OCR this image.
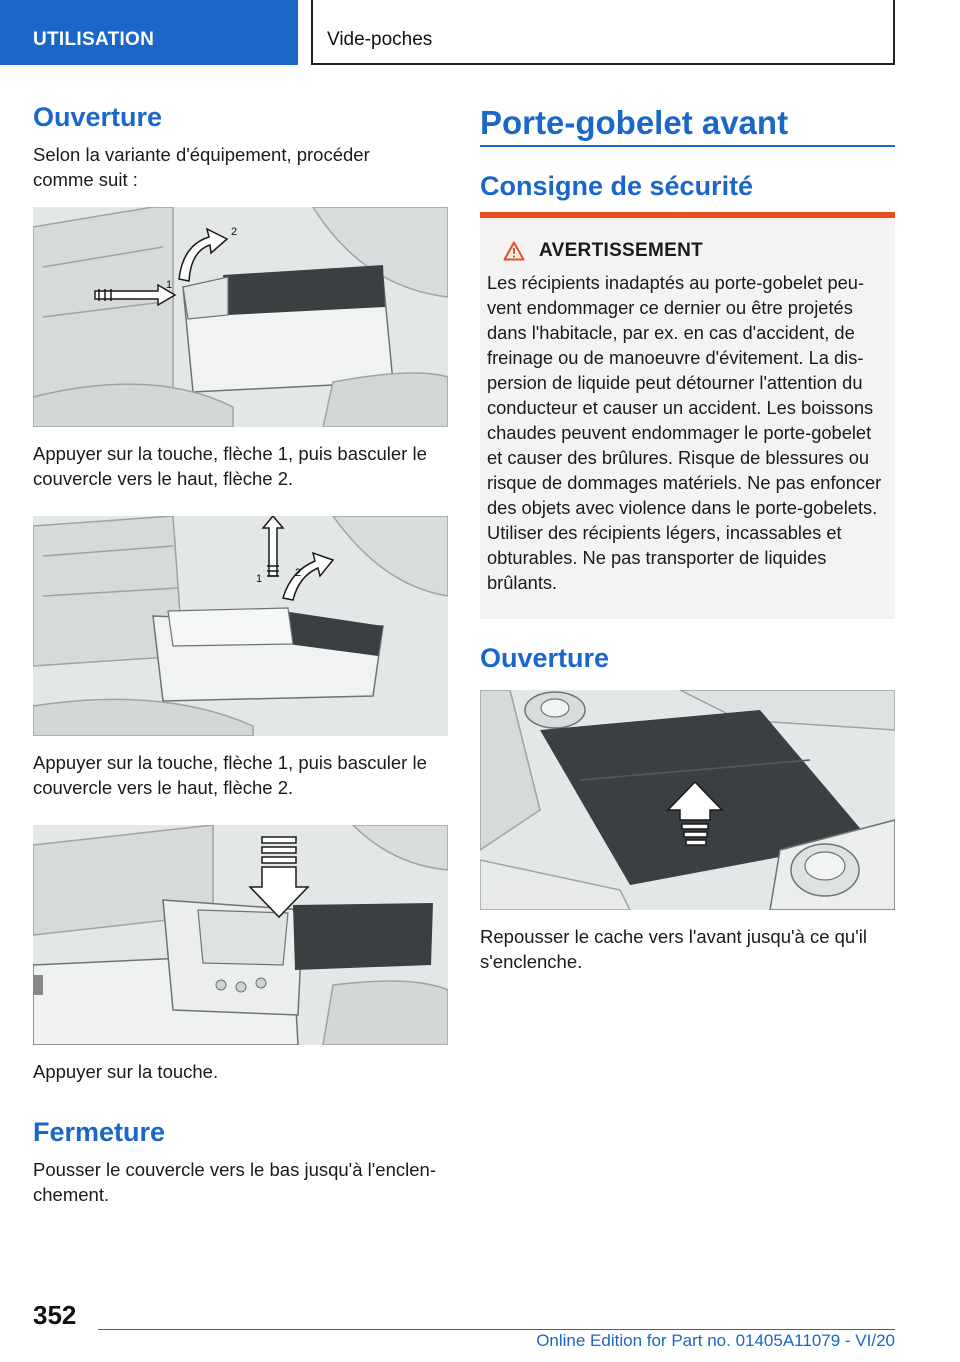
UTILISATION	Vide-poches
Ouverture

Selon la variante d'équipement, procéder comme suit :

1
2

Appuyer sur la touche, flèche 1, puis basculer le couvercle vers le haut, flèche 2.

1	2

Appuyer sur la touche, flèche 1, puis basculer le couvercle vers le haut, flèche 2.

Appuyer sur la touche.

Fermeture

Pousser le couvercle vers le bas jusqu'à l'enclenchement.

Porte-gobelet avant
Consigne de sécurité
AVERTISSEMENT

Les récipients inadaptés au porte-gobelet peuvent endommager ce dernier ou être projetés dans l'habitacle, par ex. en cas d'accident, de freinage ou de manoeuvre d'évitement. La dispersion de liquide peut détourner l'attention du conducteur et causer un accident. Les boissons chaudes peuvent endommager le porte-gobelet et causer des brûlures. Risque de blessures ou risque de dommages matériels. Ne pas enfoncer des objets avec violence dans le porte-gobelets. Utiliser des récipients légers, incassables et obturables. Ne pas transporter de liquides brûlants.

Ouverture

Repousser le cache vers l'avant jusqu'à ce qu'il s'enclenche.

352
Online Edition for Part no. 01405A11079 - VI/20
